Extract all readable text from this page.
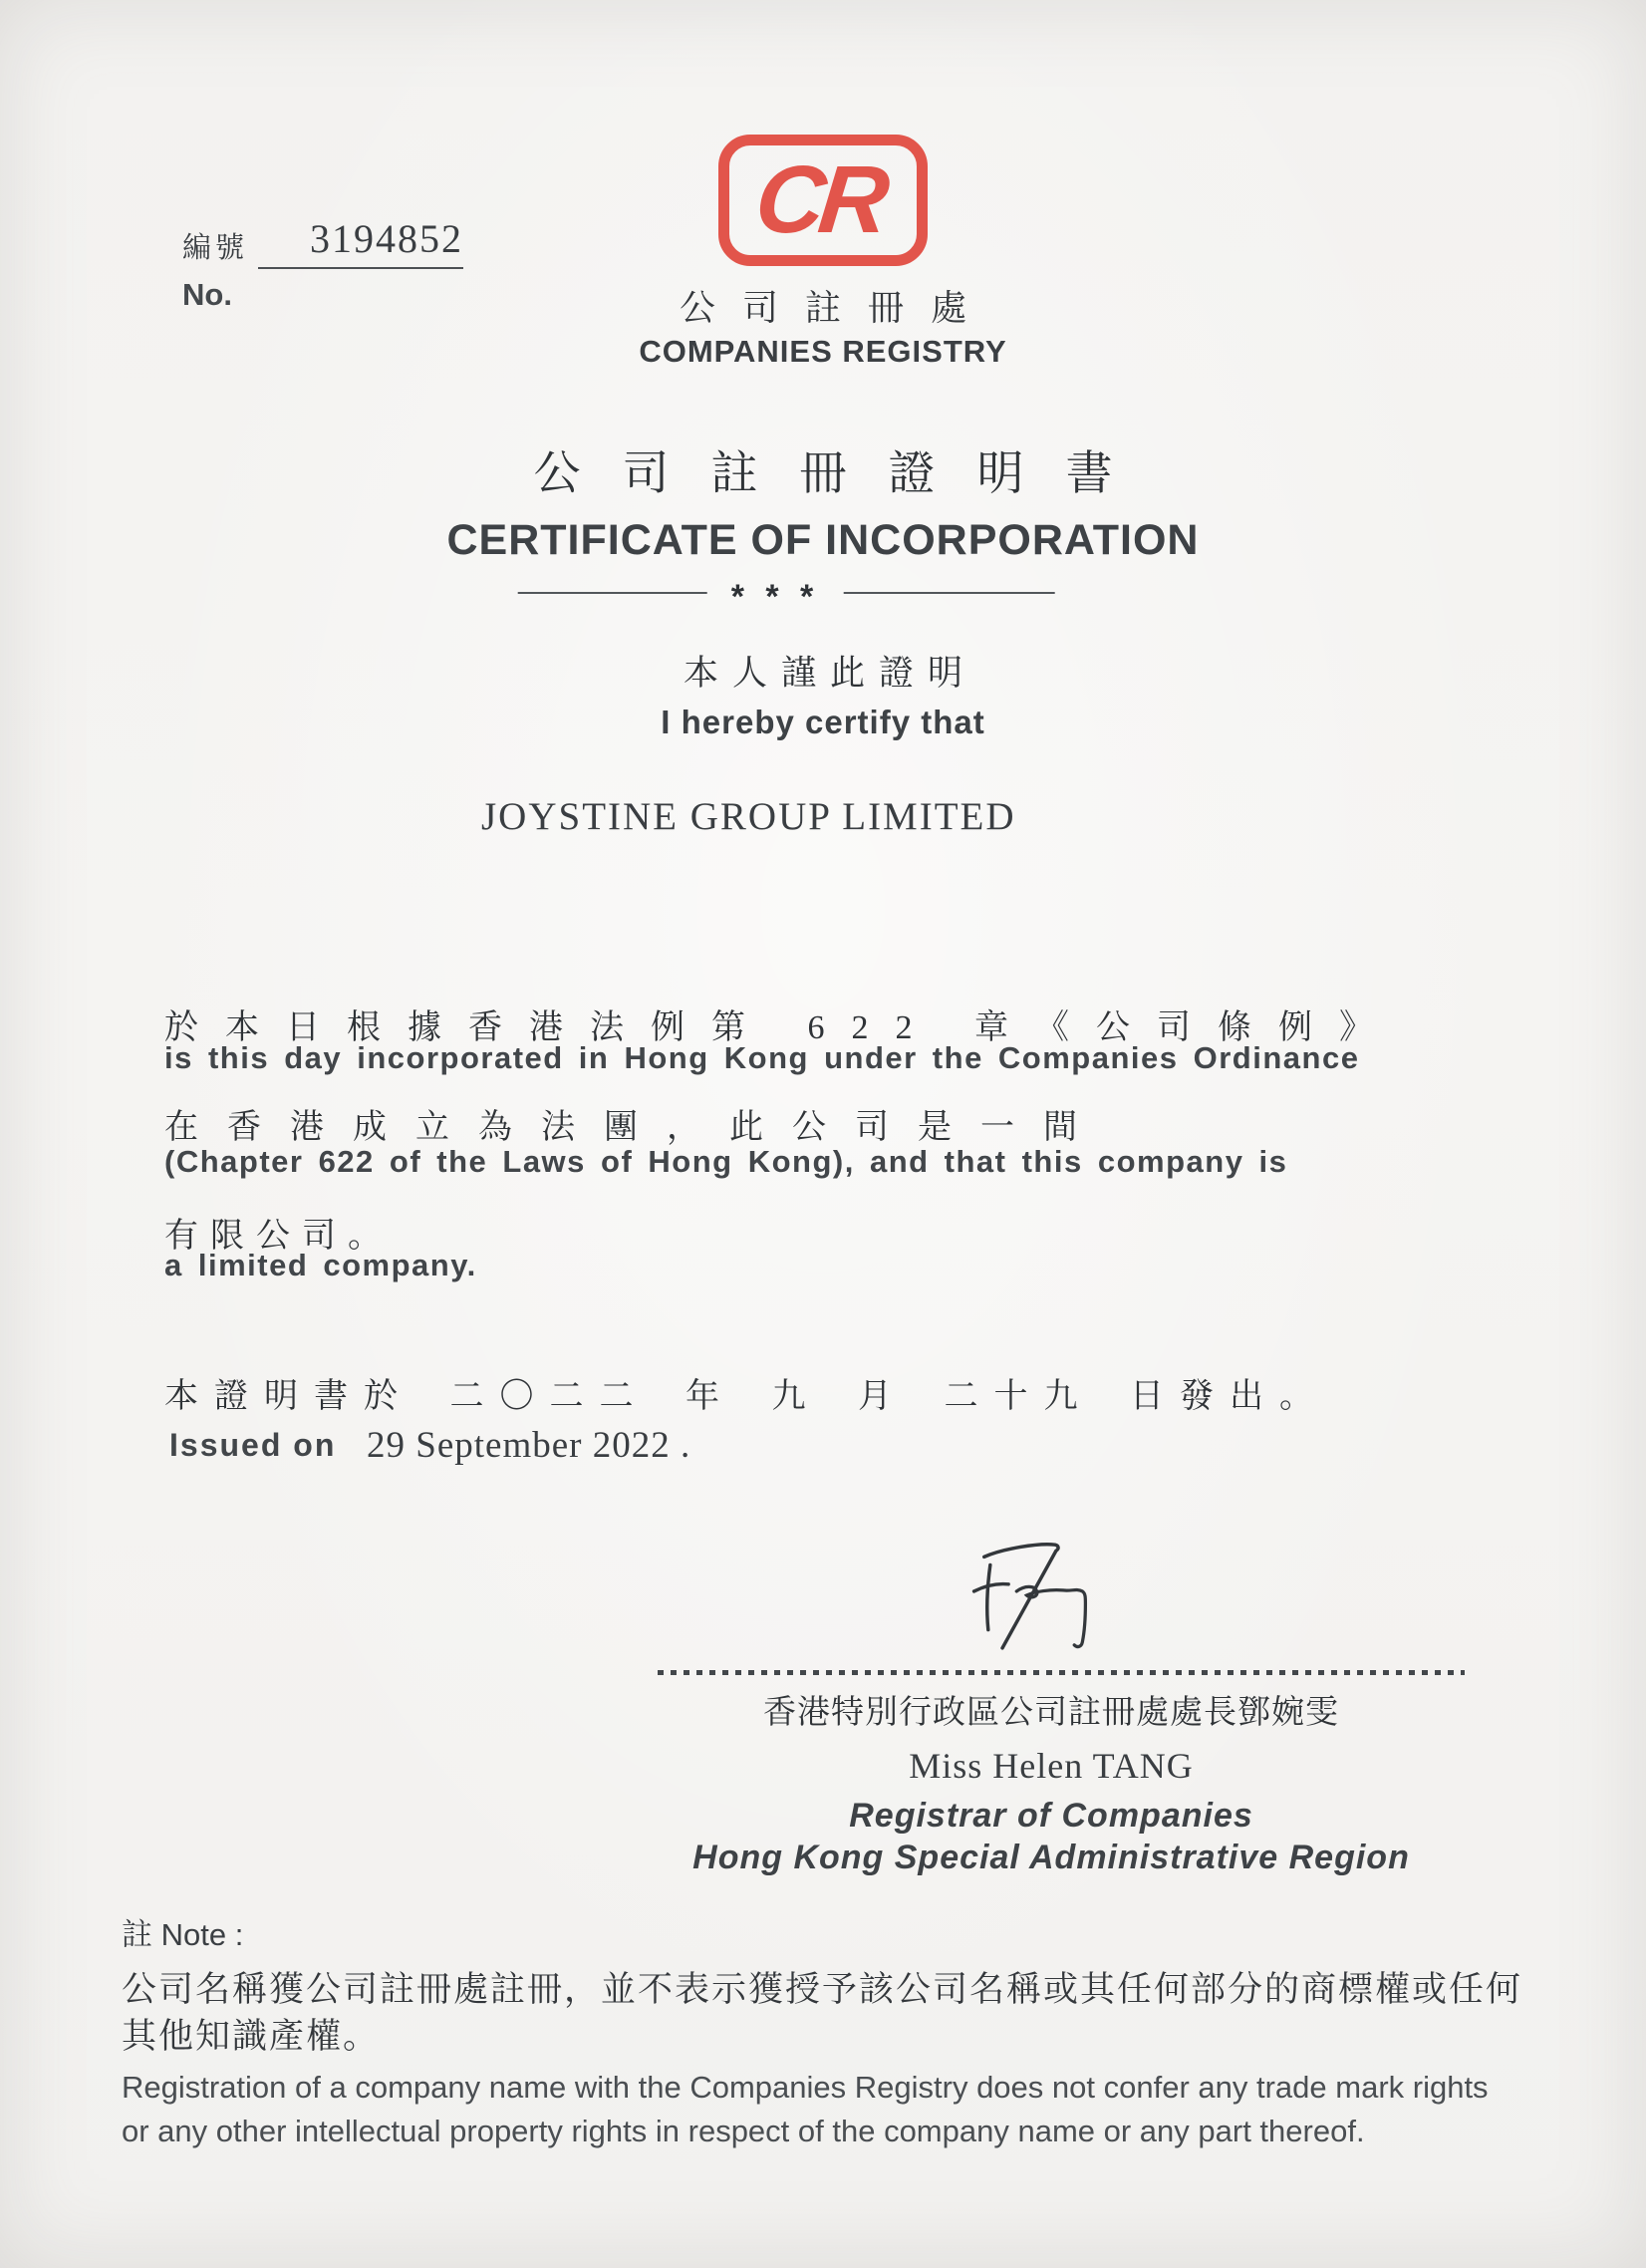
編號 3194852
No.
CR
公司註冊處
COMPANIES REGISTRY
公司註冊證明書
CERTIFICATE OF INCORPORATION
* * *
本人謹此證明
I hereby certify that
JOYSTINE GROUP LIMITED
於本日根據香港法例第 622 章《公司條例》
is this day incorporated in Hong Kong under the Companies Ordinance
在香港成立為法團，此公司是一間
(Chapter 622 of the Laws of Hong Kong), and that this company is
有限公司。
a limited company.
本證明書於 二〇二二 年 九 月 二十九 日發出。
Issued on 29 September 2022 .
香港特別行政區公司註冊處處長鄧婉雯
Miss Helen TANG
Registrar of Companies
Hong Kong Special Administrative Region
註 Note :
公司名稱獲公司註冊處註冊，並不表示獲授予該公司名稱或其任何部分的商標權或任何
其他知識產權。
Registration of a company name with the Companies Registry does not confer any trade mark rights
or any other intellectual property rights in respect of the company name or any part thereof.
